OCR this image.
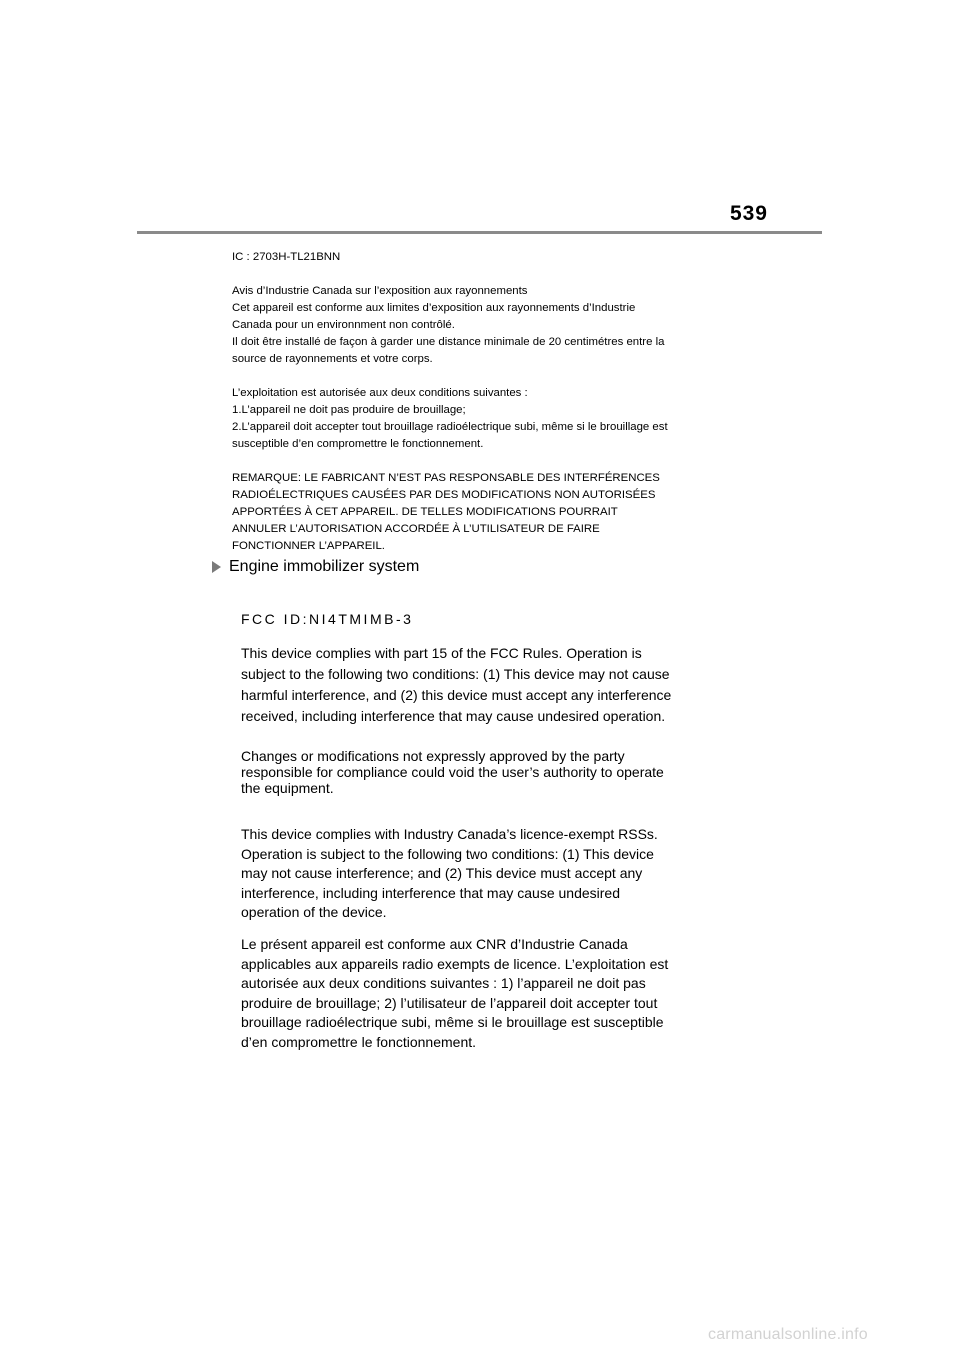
539

IC : 2703H-TL21BNN

Avis d’Industrie Canada sur l’exposition aux rayonnements

Cet appareil est conforme aux limites d’exposition aux rayonnements d’Industrie

Canada pour un environnment non contrôlé.

Il doit être installé de façon à garder une distance minimale de 20 centimétres entre la

source de rayonnements et votre corps.

L’exploitation est autorisée aux deux conditions suivantes :

1.L’appareil ne doit pas produire de brouillage;

2.L’appareil doit accepter tout brouillage radioélectrique subi, même si le brouillage est

susceptible d’en compromettre le fonctionnement.

REMARQUE: LE FABRICANT N’EST PAS RESPONSABLE DES INTERFÉRENCES

RADIOÉLECTRIQUES CAUSÉES PAR DES MODIFICATIONS NON AUTORISÉES

APPORTÉES À CET APPAREIL. DE TELLES MODIFICATIONS POURRAIT

ANNULER L’AUTORISATION ACCORDÉE À L’UTILISATEUR DE FAIRE

FONCTIONNER L’APPAREIL.

Engine immobilizer system
FCC ID:NI4TMIMB-3

This device complies with part 15 of the FCC Rules. Operation is

subject to the following two conditions: (1) This device may not cause

harmful interference, and (2) this device must accept any interference

received, including interference that may cause undesired operation.

Changes or modifications not expressly approved by the party

responsible for compliance could void the user’s authority to operate

the equipment.

This device complies with Industry Canada’s licence-exempt RSSs.

Operation is subject to the following two conditions: (1) This device

may not cause interference; and (2) This device must accept any

interference, including interference that may cause undesired

operation of the device.

Le présent appareil est conforme aux CNR d’Industrie Canada

applicables aux appareils radio exempts de licence. L’exploitation est

autorisée aux deux conditions suivantes : 1) l’appareil ne doit pas

produire de brouillage; 2) l’utilisateur de l’appareil doit accepter tout

brouillage radioélectrique subi, même si le brouillage est susceptible

d’en compromettre le fonctionnement.

carmanualsonline.info
